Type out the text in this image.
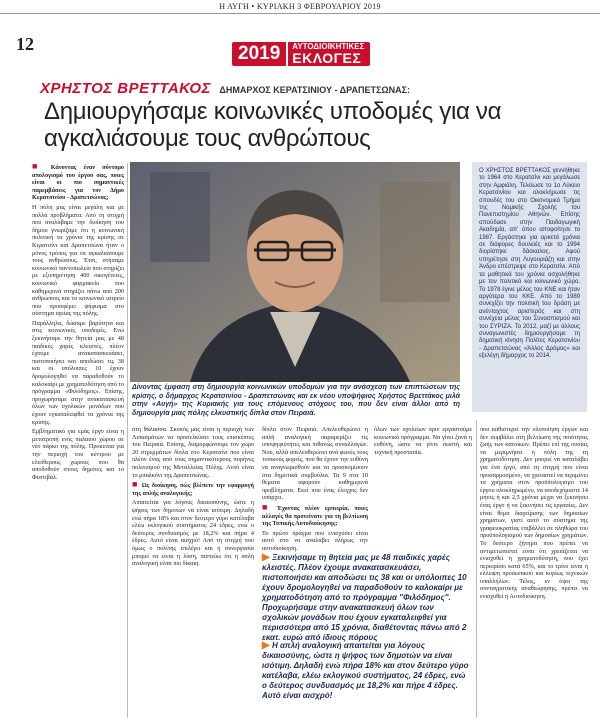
Η ΑΥΓΗ • ΚΥΡΙΑΚΗ 3 ΦΕΒΡΟΥΑΡΙΟΥ 2019
12	2019	ΑΥΤΟΔΙΟΙΚΗΤΙΚΕΣ
ΕΚΛΟΓΕΣ
ΧΡΗΣΤΟΣ ΒΡΕΤΤΑΚΟΣ ΔΗΜΑΡΧΟΣ ΚΕΡΑΤΣΙΝΙΟΥ - ΔΡΑΠΕΤΣΩΝΑΣ:
Δημιουργήσαμε κοινωνικές υποδομές για να αγκαλιάσουμε τους ανθρώπους

■ Κάνοντας έναν σύντομο απολογισμό του έργου σας, ποιες είναι οι πιο σημαντικές παρεμβάσεις για τον Δήμο Κερατσινίου - Δραπετσώνας;

Η πόλη μας είναι μεγάλη και με πολλά προβλήματα. Από τη στιγμή που αναλάβαμε την διοίκηση του δήμου γνωρίζαμε ότι η κοινωνική πολιτική τα χρόνια της κρίσης σε Κερατσίνι και Δραπετσώνα ήταν ο μόνος τρόπος για να αγκαλιάσουμε τους ανθρώπους. Έτσι, στήσαμε κοινωνικό παντοπωλείο που στηρίζει με εξυπηρέτηση 400 οικογένειες, κοινωνικό φαρμακείο που καθημερινά στηρίζει πάνω από 200 ανθρώπους και το κοινωνικό ιατρείο που προσφέρει ψήφισμα στο σύστημα υγείας της πόλης.

Παράλληλα, δώσαμε βαρύτητα και στις κοινωνικές υποδομές. Ενώ ξεκινήσαμε την θητεία μας με 48 παιδικές χαρές κλειστές, πλέον έχουμε ανακατασκευάσει, πιστοποιήσει και αποδώσει τις 38 και οι υπόλοιπες 10 έχουν δρομολογηθεί να παραδοθούν το καλοκαίρι με χρηματοδότηση από το πρόγραμμα «Φιλόδημος». Επίσης, προχωρήσαμε στην ανακατασκευή όλων των σχολικών μονάδων που έχουν εγκαταλειφθεί τα χρόνια της κρίσης.

Εμβληματικό για εμάς έργο είναι η μετατροπή ενός παλαιού χώρου σε νέο πάρκο της πόλης. Προκειται για την περιοχή του κέντρου με ελεύθερους χώρους που θα αποδοθούν στους δημότες και το Φεστιβάλ.

Ο ΧΡΗΣΤΟΣ ΒΡΕΤΤΑΚΟΣ γεννήθηκε το 1964 στο Κερατσίνι και μεγάλωσε στην Αμφιάλη. Τελείωσε το 1ο Λύκειο Κερατσινίου και ολοκλήρωσε τις σπουδές του στο Οικονομικό Τμήμα της Νομικής Σχολής του Πανεπιστημίου Αθηνών. Επίσης σπούδασε στην Παιδαγωγική Ακαδημία, απ' όπου αποφοίτησε το 1987. Εργάστηκε για αρκετά χρόνια σε διάφορες δουλειές και το 1994 διορίστηκε δάσκαλος. Αφού υπηρέτησε στη Λυγουριάζη και στην Άνδρο επέστρεψε στο Κερατσίνι. Από τα μαθητικά του χρόνια ασχολήθηκε με τον πολιτικό και κοινωνικό χώρο. Το 1978 έγινε μέλος του ΚΝΕ και ήταν αργότερα του ΚΚΕ. Από το 1989 συνεχίζει την πολιτική του δράση με ανένταχτος αριστερός και στη συνέχεια μέλος του Συνασπισμού και του ΣΥΡΙΖΑ. Το 2012, μαζί με άλλους συναγωνιστές δημιουργήσαμε τη δημοτική κίνηση Πολίτες Κερατσινίου - Δραπετσώνας «Άλλος Δρόμος» και εξελέγη δήμαρχος το 2014.
Δίνοντας έμφαση στη δημιουργία κοινωνικών υποδομών για την ανάσχεση των επιπτώσεων της κρίσης, ο δήμαρχος Κερατσινίου - Δραπετσώνας και εκ νέου υποψήφιος Χρήστος Βρεττάκος μιλά στην «Αυγή» της Κυριακής για τους επόμενους στόχους του, που δεν είναι άλλοι από τη δημιουργία μιας πόλης ελκυστικής δίπλα στον Πειραιά.

στη θάλασσα. Σκοπός μας είναι η περιοχή των Λιπασμάτων να προσελκύσει τους επισκέπτες του Πειραιά. Επίσης, διαμορφώνουμε τον χώρο 20 στρεμμάτων δίπλα στο Κερατσίνι που είναι πλέον ένας από τους σημαντικότερους πυρήνες πολιτισμού της Μεταλλείας Πόλης. Αυτό είναι το μπαλκόνι της Δραπετσώνας.

■ Ως διοίκηση, πώς βλέπετε την εφαρμογή της απλής αναλογικής;

Απαιτείται για λόγους δικαιοσύνης, ώστε η ψήφος των δημοτών να είναι ισότιμη. Δηλαδή ενώ πήρα 18% και στον δεύτερο γύρο κατέλαβα ελέω εκλογικού συστήματος 24 έδρες, ενώ ο δεύτερος συνδυασμός με 18,2% και πήρα 4 έδρες. Αυτό είναι αισχρό! Από τη στιγμή που όμως ο πολίτης επιλέγει και η συνεργασία μπορεί να είναι η λύση, πιστεύω ότι η απλή αναλογική είναι πιο δίκαιη.

δίπλα στον Πειραιά. Απελευθερώνει η απλή αναλογική παραμερίζει τις υποψηφιότητες και πιθανώς συναλλαγών. Νου, αλλά απελευθερώνει ανά φωνές τους τοπικούς φορείς, που θα έχουν την ευθύνη να αναγνωρισθούν και να προσκομίσουν στα δημοτικά συμβούλια. Τα 9 στα 10 θέματα αφορούν καθημερινά προβλήματα. Εκεί που ένας έλεγχος δεν υπάρχει.

■ Έχοντας πλέον εμπειρία, ποιες αλλαγές θα προτείνατε για τη βελτίωση της Τοπικής Αυτοδιοίκησης;

Το πρώτο πράγμα που ενισχύσει είναι αυτό στο να αναλάβει πλήρως την αυτοδιοίκηση.

όλων των σχολείων πριν εργαστούμε κοινωνικό πρόγραμμα. Να γίνει ξανά η ευθύνη, ώστε να γίνει σωστή και τεχνική προστασία.

που καθιστερεί την υλοποίηση έργων και δεν συμβάλει στη βελτίωση της ποιότητας ζωής των κατοίκων. Πρέπει επί της ουσίας να μεριμνήσει η πόλη της τη χρηματοδότηση. Δεν μπορεί να καταλάβει για ένα έργο, από τη στιγμή που είναι προσαρμοσμένο, να χρειαστεί να περιμένει τα χρήματα στον προϋπολογισμό του έργου ολοκληρωμένο, να αποδεχόμαστε 14 μήνες ή και 2,5 χρόνια μέχρι να ξεκινήσει ένας έργο ή να ξεκινήσει τις εργασίες. Δεν είναι θέμα διαχείρισης των δημοσίων χρημάτων, γιατί αυτό το σύστημα της γραφειοκρατίας επιβάλλει σε πληθώρα του προϋπολογισμού των δημοσίων χρημάτων. Το δεύτερο ζήτημα που πρέπει να αντιμετωπιστεί είναι ότι χρειάζεται να ενισχυθεί η χρηματοδότηση, που έχει περιορίσει κατά 65%, και το τρίτο είναι η ελλειψη προσωπικού και κυρίως τεχνικών υπαλλήλων. Τέλος, εν όψει της συνταγματικής αναθεώρησης, πρέπει να ενισχυθεί η Αυτοδιοίκηση.

▶ Ξεκινήσαμε τη θητεία μας με 48 παιδικές χαρές κλειστές. Πλέον έχουμε ανακατασκευάσει, πιστοποιήσει και αποδώσει τις 38 και οι υπόλοιπες 10 έχουν δρομολογηθεί να παραδοθούν το καλοκαίρι με χρηματοδότηση από το πρόγραμμα "Φιλόδημος". Προχωρήσαμε στην ανακατασκευή όλων των σχολικών μονάδων που έχουν εγκαταλειφθεί για περισσότερα από 15 χρόνια, διαθέτοντας πάνω από 2 εκατ. ευρώ από ίδιους πόρους
▶ Η απλή αναλογική απαιτείται για λόγους δικαιοσύνης, ώστε η ψήφος των δημοτών να είναι ισότιμη. Δηλαδή ενώ πήρα 18% και στον δεύτερο γύρο κατέλαβα, ελέω εκλογικού συστήματος, 24 έδρες, ενώ ο δεύτερος συνδυασμός με 18,2% και πήρε 4 έδρες. Αυτό είναι αισχρό!
